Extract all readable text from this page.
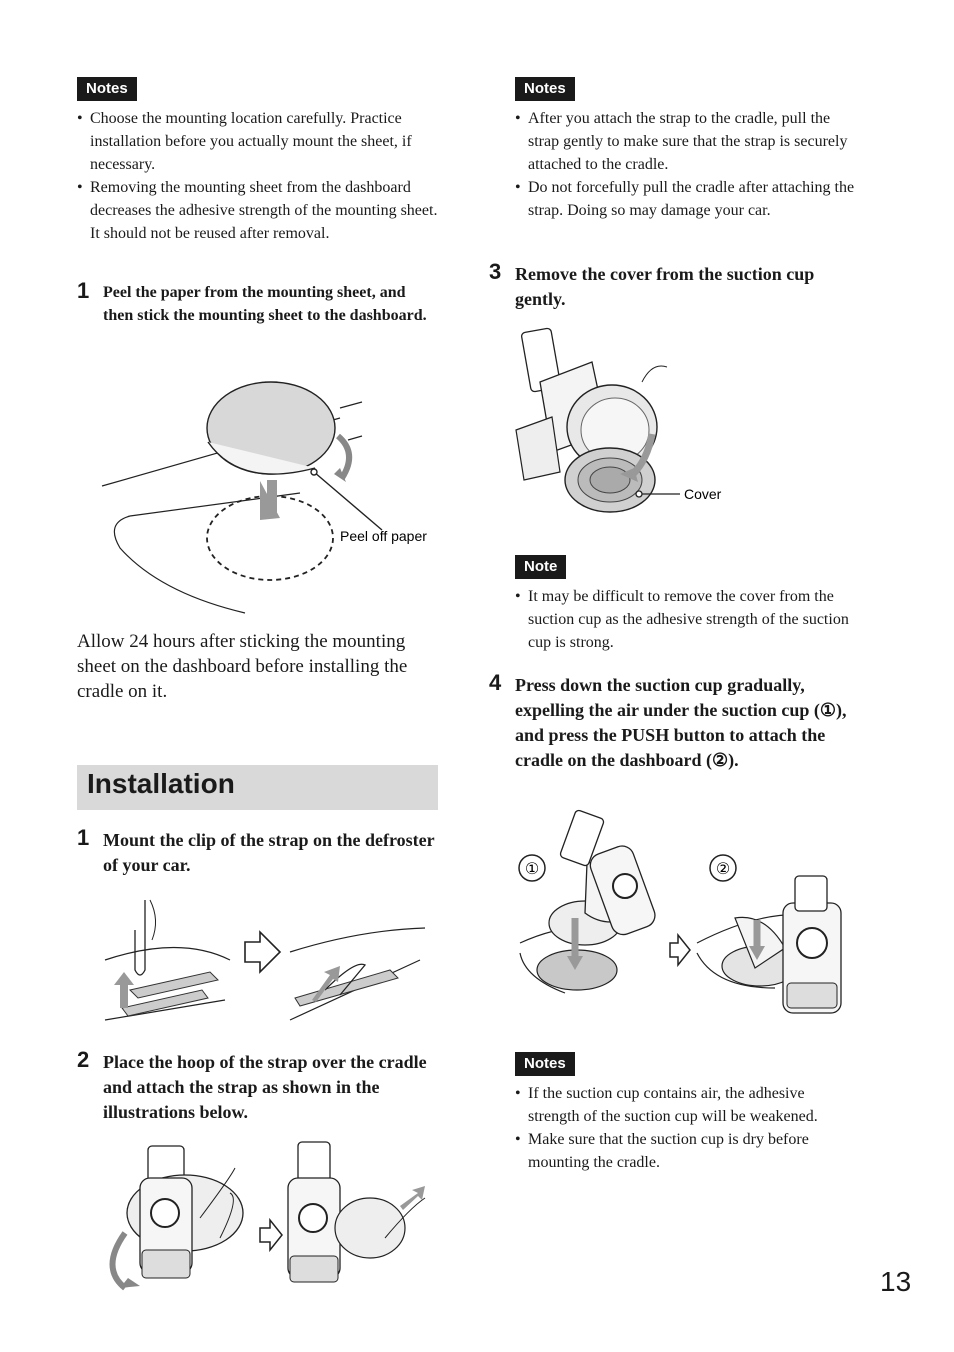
Notes
• Choose the mounting location carefully. Practice installation before you actually mount the sheet, if necessary.
• Removing the mounting sheet from the dashboard decreases the adhesive strength of the mounting sheet. It should not be reused after removal.
1 Peel the paper from the mounting sheet, and then stick the mounting sheet to the dashboard.
Peel off paper
Allow 24 hours after sticking the mounting sheet on the dashboard before installing the cradle on it.
Installation
1 Mount the clip of the strap on the defroster of your car.
2 Place the hoop of the strap over the cradle and attach the strap as shown in the illustrations below.
Notes
• After you attach the strap to the cradle, pull the strap gently to make sure that the strap is securely attached to the cradle.
• Do not forcefully pull the cradle after attaching the strap. Doing so may damage your car.
3 Remove the cover from the suction cup gently.
Cover
Note
• It may be difficult to remove the cover from the suction cup as the adhesive strength of the suction cup is strong.
4 Press down the suction cup gradually, expelling the air under the suction cup (①), and press the PUSH button to attach the cradle on the dashboard (②).
①	②
Notes
• If the suction cup contains air, the adhesive strength of the suction cup will be weakened.
• Make sure that the suction cup is dry before mounting the cradle.
13
